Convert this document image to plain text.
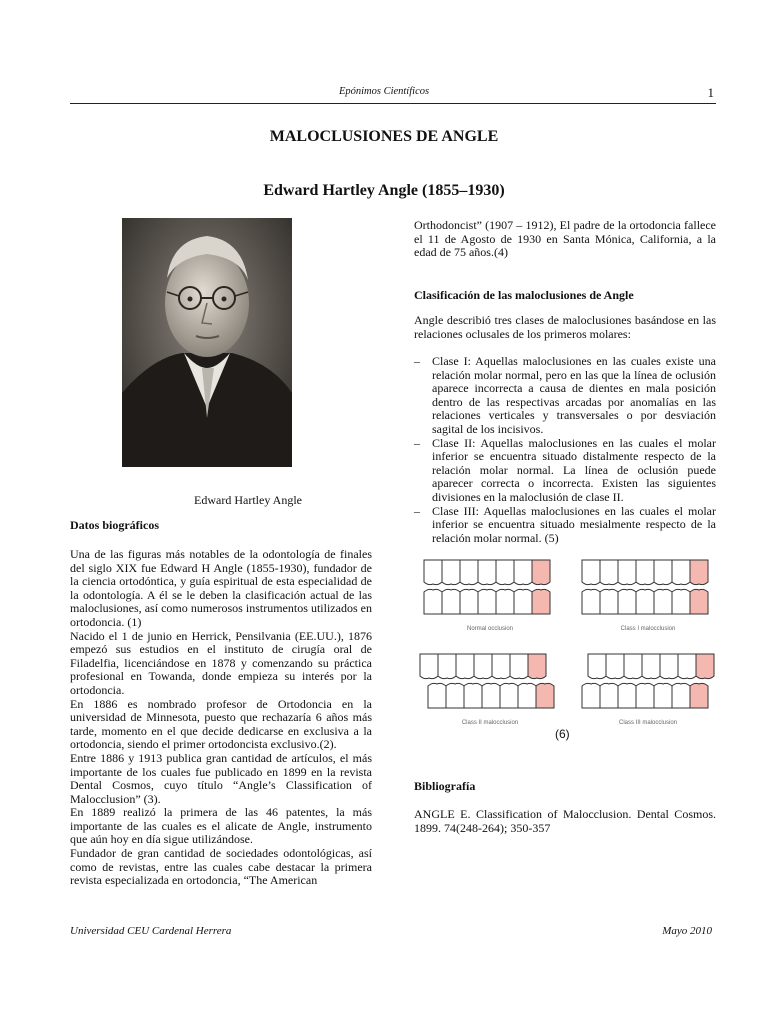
Epónimos Científicos	1
MALOCLUSIONES DE ANGLE
Edward Hartley Angle (1855–1930)
Edward Hartley Angle
Datos biográficos

Una de las figuras más notables de la odontología de finales del siglo XIX fue Edward H Angle (1855-1930), fundador de la ciencia ortodóntica, y guía espiritual de esta especialidad de la odontología. A él se le deben la clasificación actual de las maloclusiones, así como numerosos instrumentos utilizados en ortodoncia. (1)

Nacido el 1 de junio en Herrick, Pensilvania (EE.UU.), 1876 empezó sus estudios en el instituto de cirugía oral de Filadelfia, licenciándose en 1878 y comenzando su práctica profesional en Towanda, donde empieza su interés por la ortodoncia.

En 1886 es nombrado profesor de Ortodoncia en la universidad de Minnesota, puesto que rechazaría 6 años más tarde, momento en el que decide dedicarse en exclusiva a la ortodoncia, siendo el primer ortodoncista exclusivo.(2).

Entre 1886 y 1913 publica gran cantidad de artículos, el más importante de los cuales fue publicado en 1899 en la revista Dental Cosmos, cuyo título “Angle’s Classification of Malocclusion” (3).

En 1889 realizó la primera de las 46 patentes, la más importante de las cuales es el alicate de Angle, instrumento que aún hoy en día sigue utilizándose.

Fundador de gran cantidad de sociedades odontológicas, así como de revistas, entre las cuales cabe destacar la primera revista especializada en ortodoncia, “The American

Orthodoncist” (1907 – 1912), El padre de la ortodoncia fallece el 11 de Agosto de 1930 en Santa Mónica, California, a la edad de 75 años.(4)
Clasificación de las maloclusiones de Angle
Angle describió tres clases de maloclusiones basándose en las relaciones oclusales de los primeros molares:
– Clase I: Aquellas maloclusiones en las cuales existe una relación molar normal, pero en las que la línea de oclusión aparece incorrecta a causa de dientes en mala posición dentro de las respectivas arcadas por anomalías en las relaciones verticales y transversales o por desviación sagital de los incisivos.
– Clase II: Aquellas maloclusiones en las cuales el molar inferior se encuentra situado distalmente respecto de la relación molar normal. La línea de oclusión puede aparecer correcta o incorrecta. Existen las siguientes divisiones en la maloclusión de clase II.
– Clase III: Aquellas maloclusiones en las cuales el molar inferior se encuentra situado mesialmente respecto de la relación molar normal. (5)
Normal occlusion	Class I malocclusion
Class II malocclusion	Class III malocclusion
(6)
Bibliografía
ANGLE E. Classification of Malocclusion. Dental Cosmos. 1899. 74(248-264); 350-357
Universidad CEU Cardenal Herrera	Mayo 2010
